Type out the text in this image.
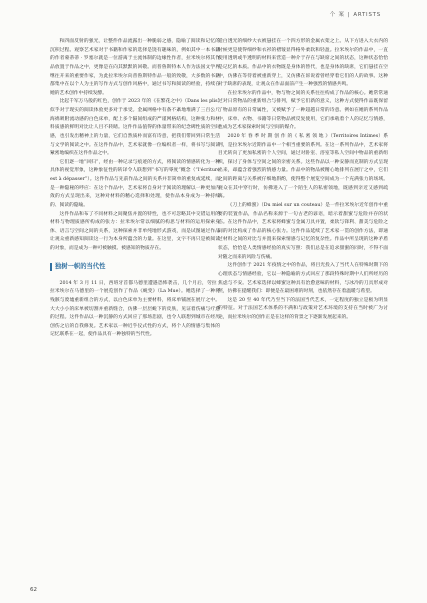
个 案 | ARTISTS

和四面反射的强光，让整件作品流露出一种脆弱之感，隐喻了阅读和记忆的沉积过程。观察艺术家对于书籍和作家的选择是饶有趣味的，例如其中一本书籍的作者蒙蒂蒂 · 罗塞尔就是一位游离于主流体制的边缘性作者，拉米埃尔将其作品放置于作品之中，更像是在向其默默的回敬。而普鲁斯特本人作为法国文学界继往开来的重要作家，为此拉米埃尔向普鲁斯特作品一般的致敬，大多数的书籍都集中在以个人为主的写作方式与创作风格中，通过书写和阅读的经验，持续在她的艺术创作中持续发酵。

比起千军万马般的红色，创作于 2023 年的《在繁花之中》（Dans les plis）似乎对于现实的阅读体验更多对于承受。金属网格中有条不紊地堆满了三百公斤海绵吸附流动感的白色床单，配上多个隔间组成的严谨网格结构，这种张力和材料质感的鲜明对比让人目不转睛。这件作品值得的体量带来的纪念碑性质的空间感，也引发出精神上的力量，它们自然质朴而富有诗意，把我们带回到日常生活与文学的阅读之中。在这件作品中，艺术家就像一位编织者一样，将书写与阅读紧密地编织在这件作品之中。

它们逐一地“回归”，经由一种记录与痕迹的方式，将阅读的情感转化为一种具体的视觉形象，这种象征性的转译令人联想到“书写的零度”概念（“l'écriture est à dépasser”）。这件作品与先前作品之间的关系并非简单的重复或延续，而是一种隐秘的呼应：在这个作品中，艺术家将自身对于阅读的理解以一种更加内敛的方式呈现出来，这种对材料的精心选择和处理，使作品本身成为一种持续的、阅读的隐喻。

这件作品和布了不同材料之间聚焦并置的特性，也不可忽略其中交错运用的材料与物理质感所构成的张力：拉米埃尔常以细腻的构思与材料的运用探索身体、语言与空间之间的关系，这种探索并非单纯地形式游戏，而是试图通过作品让观众重新感知阅读这一行为本身所蕴含的力量。在这里，文字不再只是被阅读的对象，而是成为一种可被触摸、被感知的物质存在。

独树一帜的当代性

2014 年 3 月 11 日，西班牙首都马德里遭遇恐怖袭击，几个月后，劳拉 · 拉米埃尔在马德里的一个展览创作了作品《蜕变》（La Mue）。她选择了一种将残骸与废墟重新组合的方式，以白色床单为主要材料，将床单铺展在展厅之中。大大小小的床单被切割并重新缝合，仿佛一层层蜕下的皮肤，见证着伤痛与疗愈的过程。这件作品以一种沉静的方式回应了那场悲剧，也令人联想到城市在经历创伤之后的自我修复。艺术家以一种近乎仪式性的方式，将个人的情感与集体的记忆联系在一起，使作品具有一种独特的当代性。

适白透光的细纱大衣被悬挂在一个四方形的金属衣架之上。从下方进入大衣内的时候更是使得细纱和衣衫的褶皱显得格外柔软和轻盈。拉米埃尔的作品中，一直使用透明或半透明的材料来营造一种介于存在与缺席之间的状态，这种状态恰恰是记忆的本质。作品中的衣物既是身体的替代，也是身体的缺席，它们悬挂在空中，仿佛在等待着被重新穿上，又仿佛在诉说着曾经穿着它们的人的故事。这种对于缺席的表现，让观众在作品面前产生一种强烈的情感共鸣。

在拉米埃尔的作品中，物与物之间的关系往往构成了作品的核心。她常常通过对日常物品的重新组合与排列，赋予它们新的意义，这种方式使得作品既保留了物品原有的日常属性，又被赋予了一种超越日常的诗意。例如在她的系列作品中，床单、衣物、书籍等日常物品被反复使用，它们承载着个人的记忆与情感，也成为艺术家探索时间与空间的媒介。

2020 年 春 季 时 期 创 作 的《 私 密 领 地 》（Territoires Intimes）系列，是拉米埃尔近期作品中一个相当重要的系列。在这一系列作品中，艺术家将目光转向了更加私密的个人空间，通过对卧室、浴室等私人空间中物品的重新组织，探讨了身体与空间之间的亲密关系。这些作品以一种安静而克制的方式呈现出来，却蕴含着强烈的情感力量。作品中的物品被精心地排列在展厅之中，它们之间的距离与关系被仔细地斟酌，使得整个展览空间成为一个充满张力的场域。观众在其中穿行时，仿佛进入了一个陌生人的私密领地，既感到亲近又感到疏离。

《刀上的蜂蜜》（Du miel sur un couteau）是一件拉米埃尔近年创作中重要的装置作品，作品名称来源于一句古老的谚语，暗示着甜蜜与危险并存的状态。在这件作品中，艺术家将蜂蜜与金属刀具并置，柔软与锋利、甜美与危险之间的对比构成了作品的核心张力。这件作品延续了艺术家一贯的创作方法，即通过材料之间的对比与并置来探索情感与记忆的复杂性。作品中所呈现的这种矛盾状态，恰恰是人类情感经验的真实写照：我们总是在追求甜蜜的同时，不得不面对随之而来的风险与伤痛。

这件创作于 2021 年疫情之中的作品，将目光投入了当代人在特殊时期下的心理状态与情感经验，它以一种隐喻的方式回应了那段特殊时期中人们所经历的焦虑与不安。艺术家选择以蜂蜜这种具有治愈意味的材料，与冰冷的刀具形成对照，仿佛在提醒我们：即便是在最困难的时刻，也依然存在着温暖与希望。

这是 20 至 40 年代乃至当下的法国当代艺术，一定程度的独立是极为明显的特征。对于法国艺术体系的不满和与政策对艺术环境的支持在当时被广为讨论，而拉米埃尔的创作正是在这样的背景之下逐渐发展起来的。

62
